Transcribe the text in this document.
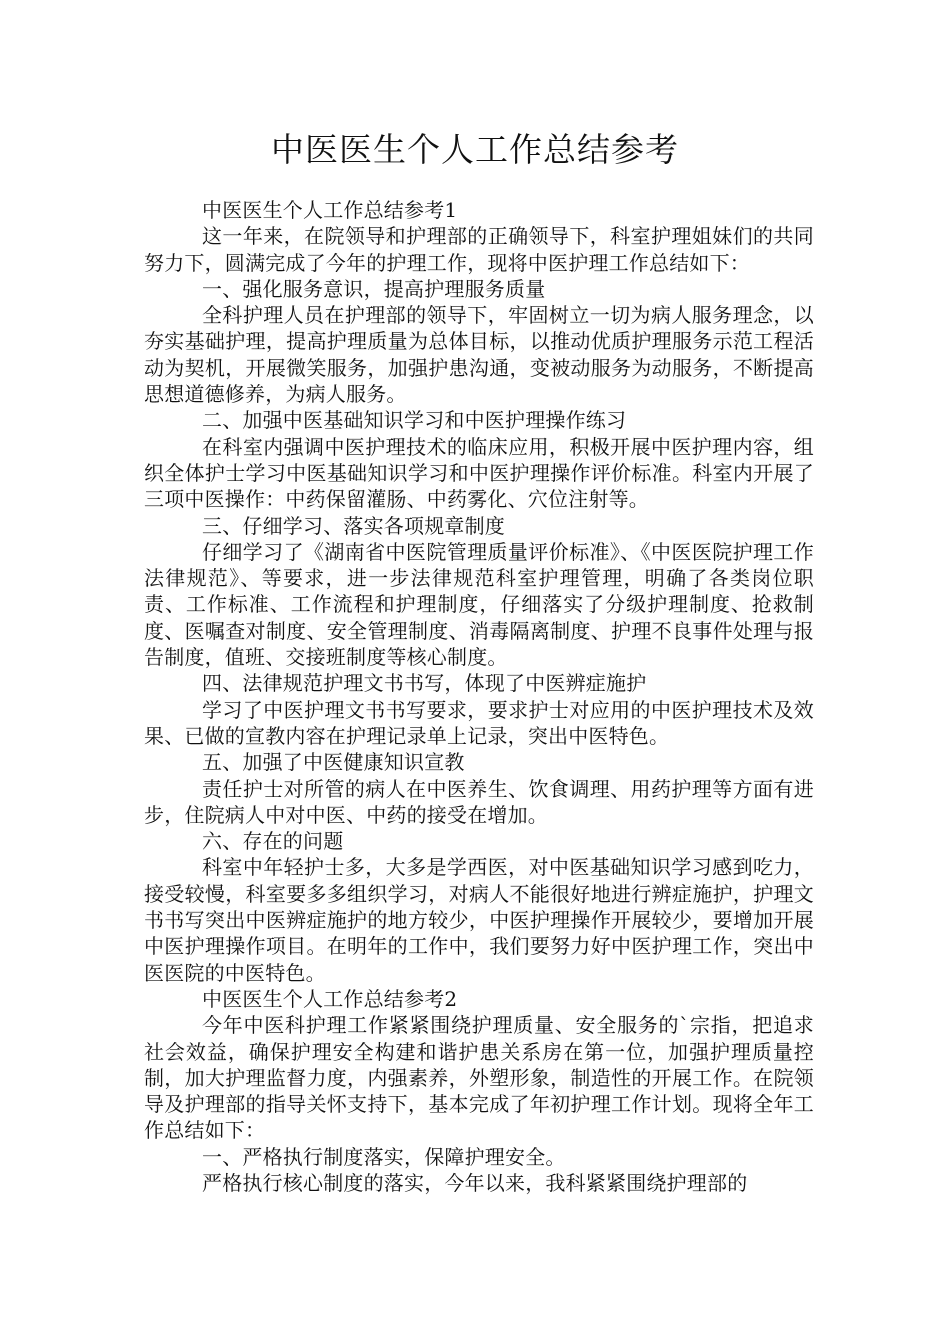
中医医生个人工作总结参考

中医医生个人工作总结参考1

这一年来，在院领导和护理部的正确领导下，科室护理姐妹们的共同努力下，圆满完成了今年的护理工作，现将中医护理工作总结如下：

一、强化服务意识，提高护理服务质量

全科护理人员在护理部的领导下，牢固树立一切为病人服务理念，以夯实基础护理，提高护理质量为总体目标，以推动优质护理服务示范工程活动为契机，开展微笑服务，加强护患沟通，变被动服务为动服务，不断提高思想道德修养，为病人服务。

二、加强中医基础知识学习和中医护理操作练习

在科室内强调中医护理技术的临床应用，积极开展中医护理内容，组织全体护士学习中医基础知识学习和中医护理操作评价标准。科室内开展了三项中医操作：中药保留灌肠、中药雾化、穴位注射等。

三、仔细学习、落实各项规章制度

仔细学习了《湖南省中医院管理质量评价标准》、《中医医院护理工作法律规范》、等要求，进一步法律规范科室护理管理，明确了各类岗位职责、工作标准、工作流程和护理制度，仔细落实了分级护理制度、抢救制度、医嘱查对制度、安全管理制度、消毒隔离制度、护理不良事件处理与报告制度，值班、交接班制度等核心制度。

四、法律规范护理文书书写，体现了中医辨症施护

学习了中医护理文书书写要求，要求护士对应用的中医护理技术及效果、已做的宣教内容在护理记录单上记录，突出中医特色。

五、加强了中医健康知识宣教

责任护士对所管的病人在中医养生、饮食调理、用药护理等方面有进步，住院病人中对中医、中药的接受在增加。

六、存在的问题

科室中年轻护士多，大多是学西医，对中医基础知识学习感到吃力，接受较慢，科室要多多组织学习，对病人不能很好地进行辨症施护，护理文书书写突出中医辨症施护的地方较少，中医护理操作开展较少，要增加开展中医护理操作项目。在明年的工作中，我们要努力好中医护理工作，突出中医医院的中医特色。

中医医生个人工作总结参考2

今年中医科护理工作紧紧围绕护理质量、安全服务的`宗指，把追求社会效益，确保护理安全构建和谐护患关系房在第一位，加强护理质量控制，加大护理监督力度，内强素养，外塑形象，制造性的开展工作。在院领导及护理部的指导关怀支持下，基本完成了年初护理工作计划。现将全年工作总结如下：

一、严格执行制度落实，保障护理安全。

严格执行核心制度的落实，今年以来，我科紧紧围绕护理部的
